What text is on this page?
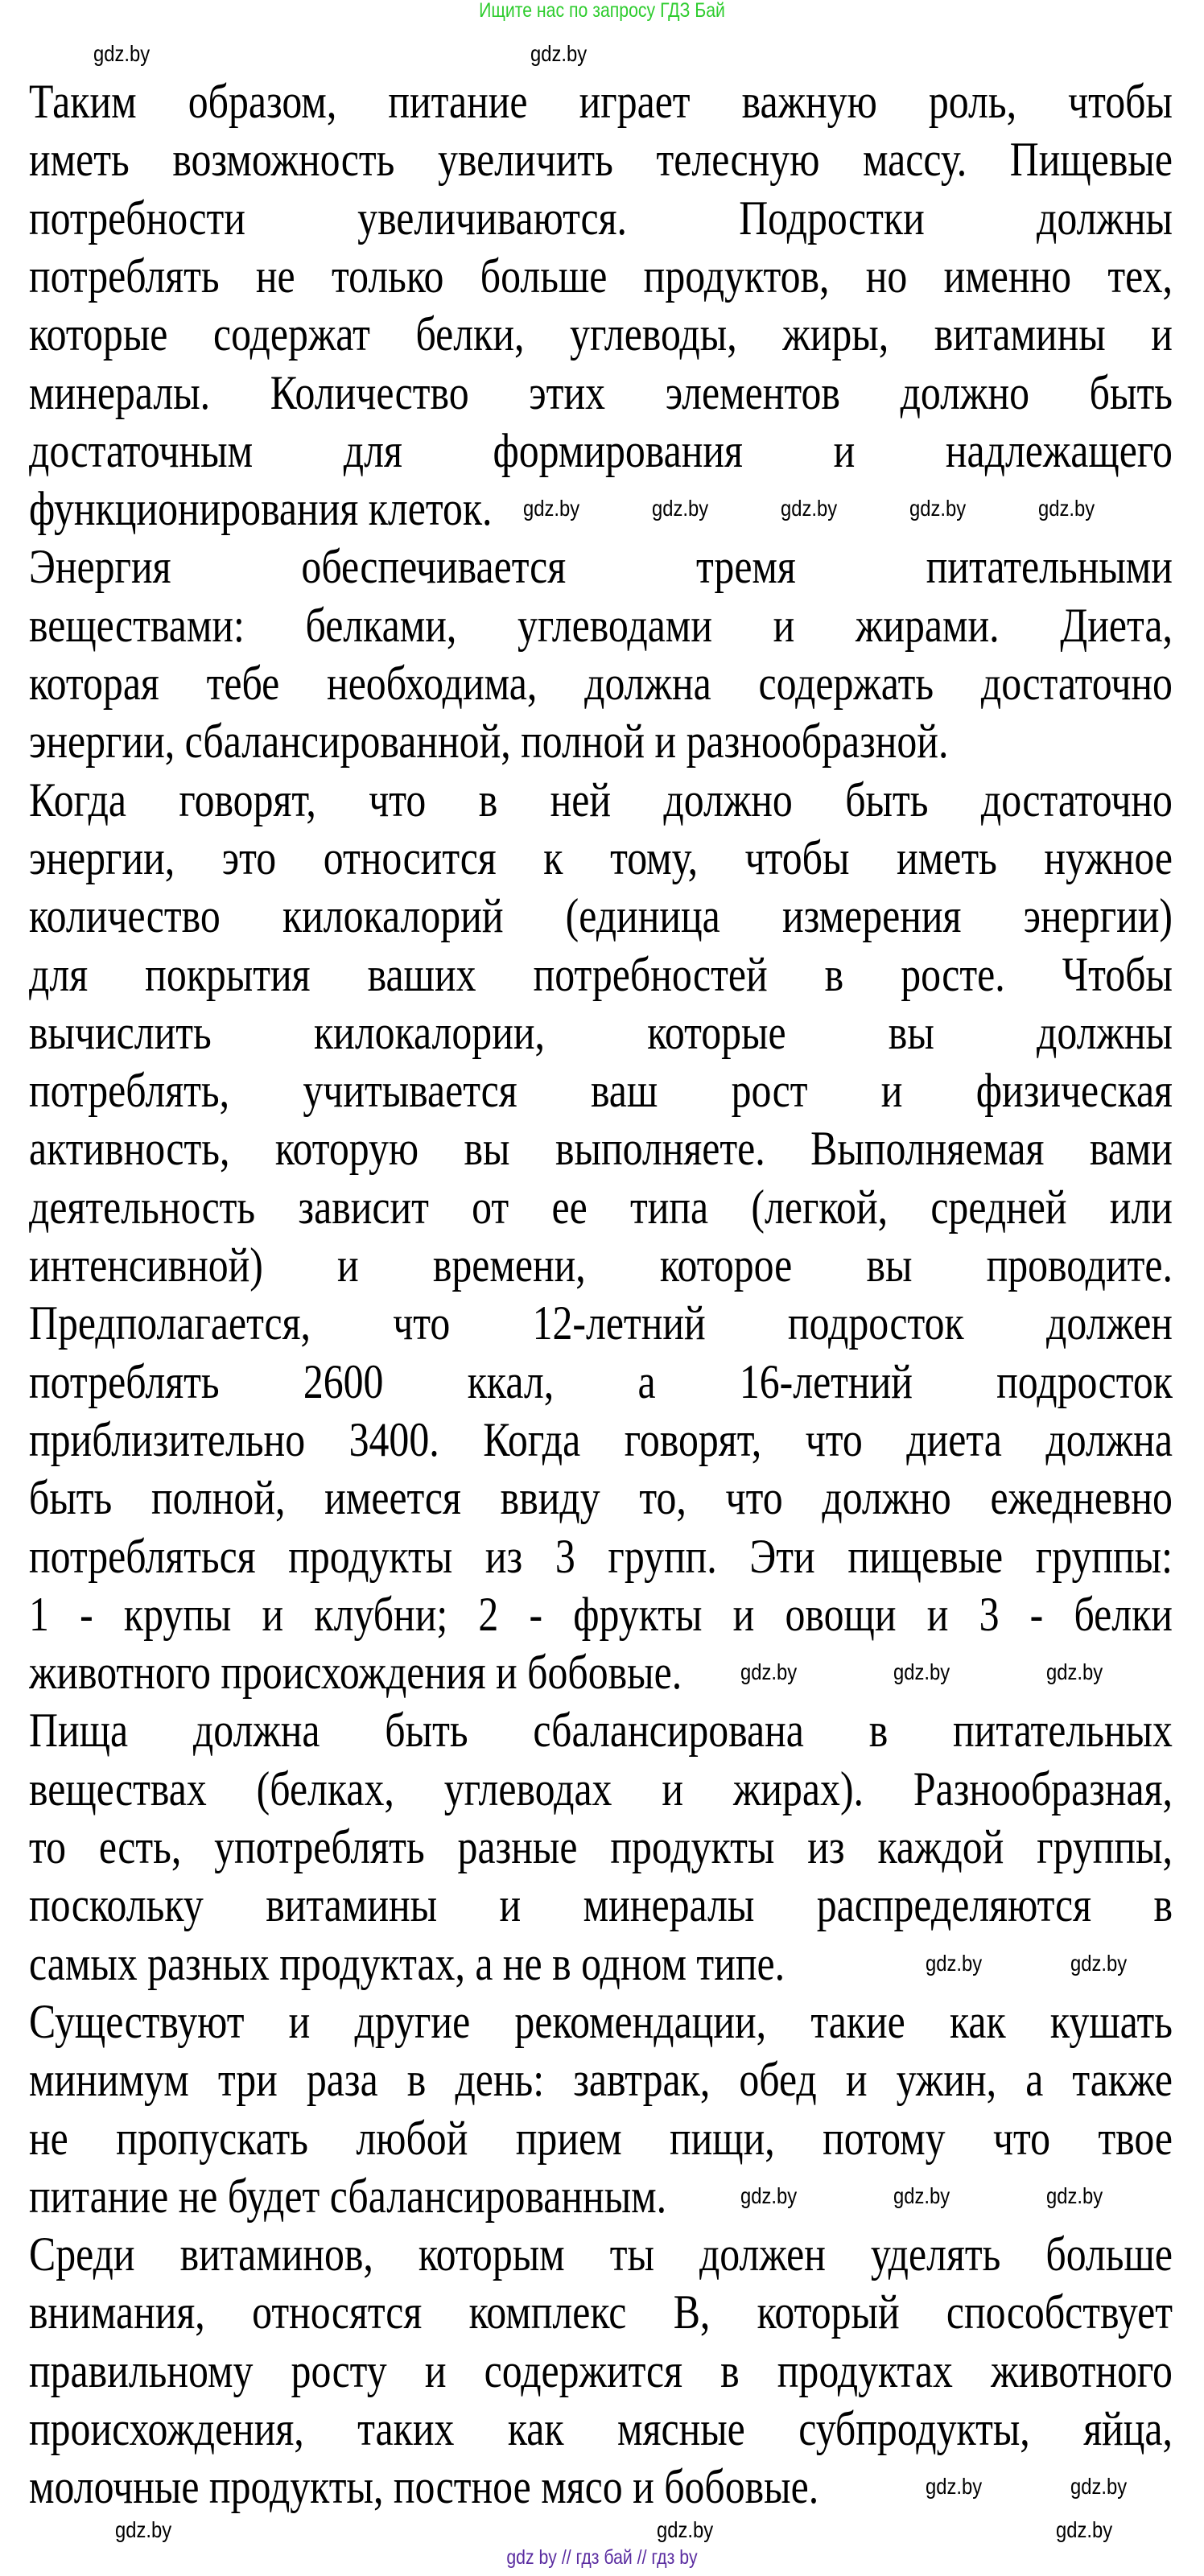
Ищите нас по запросу ГДЗ Бай
Таким образом, питание играет важную роль, чтобы
иметь возможность увеличить телесную массу. Пищевые
потребности увеличиваются. Подростки должны
потреблять не только больше продуктов, но именно тех,
которые содержат белки, углеводы, жиры, витамины и
минералы. Количество этих элементов должно быть
достаточным для формирования и надлежащего
функционирования клеток.
Энергия обеспечивается тремя питательными
веществами: белками, углеводами и жирами. Диета,
которая тебе необходима, должна содержать достаточно
энергии, сбалансированной, полной и разнообразной.
Когда говорят, что в ней должно быть достаточно
энергии, это относится к тому, чтобы иметь нужное
количество килокалорий (единица измерения энергии)
для покрытия ваших потребностей в росте. Чтобы
вычислить килокалории, которые вы должны
потреблять, учитывается ваш рост и физическая
активность, которую вы выполняете. Выполняемая вами
деятельность зависит от ее типа (легкой, средней или
интенсивной) и времени, которое вы проводите.
Предполагается, что 12-летний подросток должен
потреблять 2600 ккал, а 16-летний подросток
приблизительно 3400. Когда говорят, что диета должна
быть полной, имеется ввиду то, что должно ежедневно
потребляться продукты из 3 групп. Эти пищевые группы:
1 - крупы и клубни; 2 - фрукты и овощи и 3 - белки
животного происхождения и бобовые.
Пища должна быть сбалансирована в питательных
веществах (белках, углеводах и жирах). Разнообразная,
то есть, употреблять разные продукты из каждой группы,
поскольку витамины и минералы распределяются в
самых разных продуктах, а не в одном типе.
Существуют и другие рекомендации, такие как кушать
минимум три раза в день: завтрак, обед и ужин, а также
не пропускать любой прием пищи, потому что твое
питание не будет сбалансированным.
Среди витаминов, которым ты должен уделять больше
внимания, относятся комплекс В, который способствует
правильному росту и содержится в продуктах животного
происхождения, таких как мясные субпродукты, яйца,
молочные продукты, постное мясо и бобовые.
gdz by // гдз бай // гдз by
gdz.by	gdz.by
gdz.by	gdz.by	gdz.by	gdz.by	gdz.by
gdz.by	gdz.by	gdz.by
gdz.by	gdz.by
gdz.by	gdz.by	gdz.by
gdz.by	gdz.by
gdz.by	gdz.by	gdz.by
